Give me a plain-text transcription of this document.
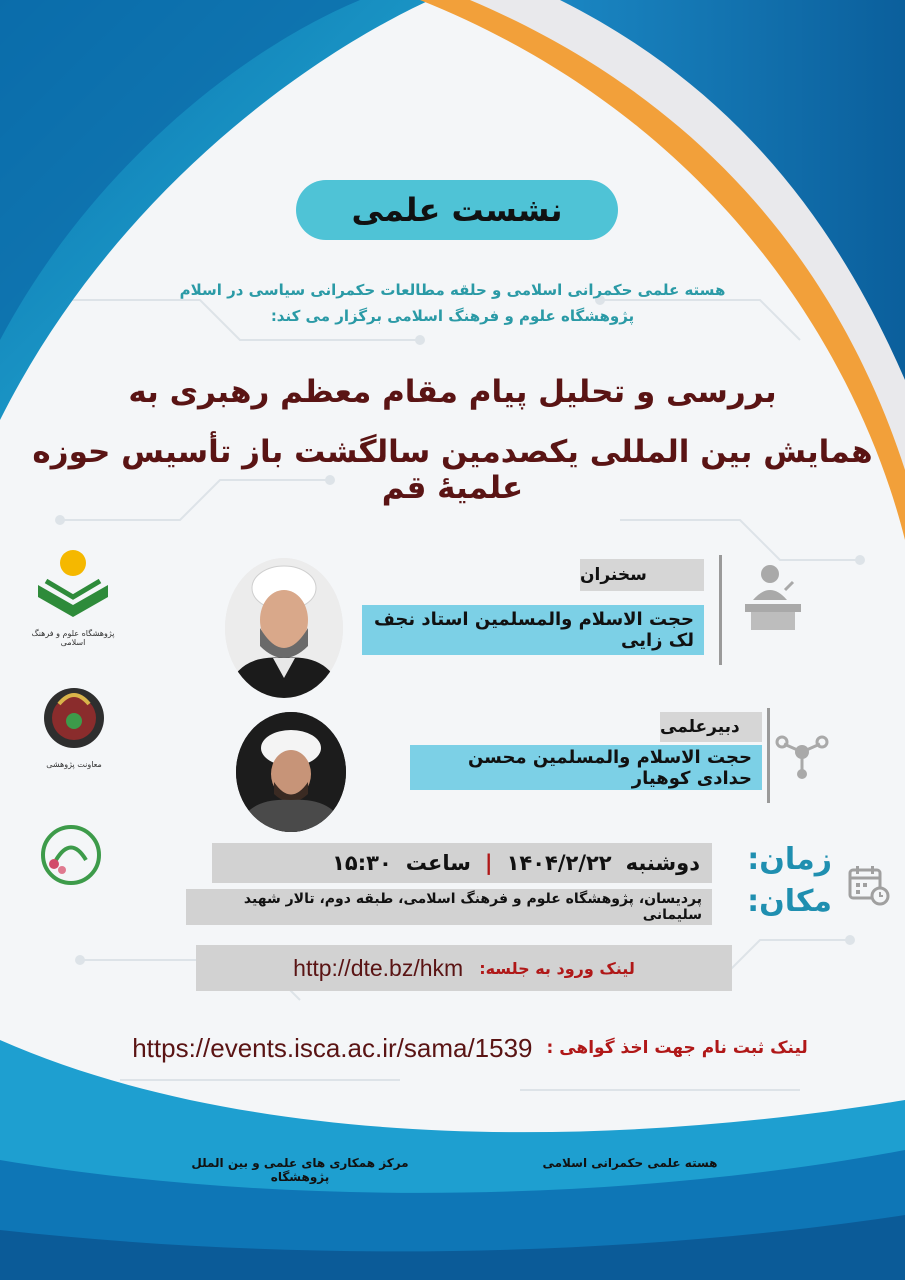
نشست علمی
هسته علمی حکمرانی اسلامی و حلقه مطالعات حکمرانی سیاسی در اسلام
پژوهشگاه علوم و فرهنگ اسلامی برگزار می کند:
بررسی و تحلیل پیام مقام معظم رهبری به
همایش بین المللی یکصدمین سالگشت باز تأسیس حوزه علمیهٔ قم
پژوهشگاه علوم و فرهنگ اسلامی
معاونت پژوهشی
سخنران
حجت الاسلام والمسلمین استاد نجف لک زایی
دبیرعلمی
حجت الاسلام والمسلمین محسن حدادی کوهیار
دوشنبه
۱۴۰۴/۲/۲۲
|
ساعت
۱۵:۳۰
پردیسان، پژوهشگاه علوم و فرهنگ اسلامی، طبقه دوم، تالار شهید سلیمانی
زمان:
مکان:
http://dte.bz/hkm لینک ورود به جلسه:
https://events.isca.ac.ir/sama/1539 لینک ثبت نام جهت اخذ گواهی :
هسته علمی حکمرانی اسلامی
مرکز همکاری های علمی و بین الملل پژوهشگاه
